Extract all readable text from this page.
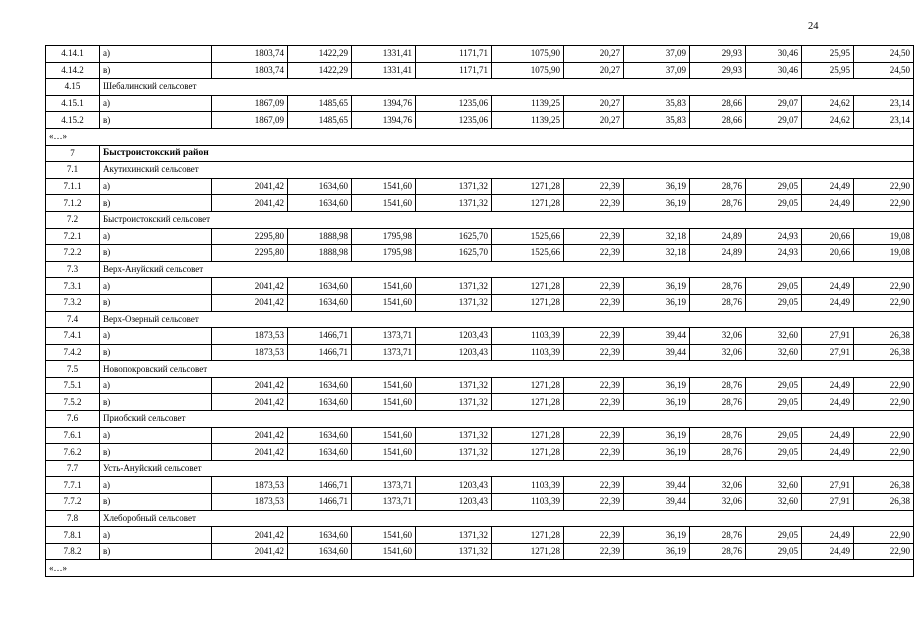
24
4.14.1	а)	1803,74	1422,29	1331,41	1171,71	1075,90	20,27	37,09	29,93	30,46	25,95	24,50
4.14.2	в)	1803,74	1422,29	1331,41	1171,71	1075,90	20,27	37,09	29,93	30,46	25,95	24,50
4.15	Шебалинский сельсовет											
4.15.1	а)	1867,09	1485,65	1394,76	1235,06	1139,25	20,27	35,83	28,66	29,07	24,62	23,14
4.15.2	в)	1867,09	1485,65	1394,76	1235,06	1139,25	20,27	35,83	28,66	29,07	24,62	23,14
«…»												
7	Быстроистокский район											
7.1	Акутихинский сельсовет											
7.1.1	а)	2041,42	1634,60	1541,60	1371,32	1271,28	22,39	36,19	28,76	29,05	24,49	22,90
7.1.2	в)	2041,42	1634,60	1541,60	1371,32	1271,28	22,39	36,19	28,76	29,05	24,49	22,90
7.2	Быстроистокский сельсовет											
7.2.1	а)	2295,80	1888,98	1795,98	1625,70	1525,66	22,39	32,18	24,89	24,93	20,66	19,08
7.2.2	в)	2295,80	1888,98	1795,98	1625,70	1525,66	22,39	32,18	24,89	24,93	20,66	19,08
7.3	Верх-Ануйский сельсовет											
7.3.1	а)	2041,42	1634,60	1541,60	1371,32	1271,28	22,39	36,19	28,76	29,05	24,49	22,90
7.3.2	в)	2041,42	1634,60	1541,60	1371,32	1271,28	22,39	36,19	28,76	29,05	24,49	22,90
7.4	Верх-Озерный сельсовет											
7.4.1	а)	1873,53	1466,71	1373,71	1203,43	1103,39	22,39	39,44	32,06	32,60	27,91	26,38
7.4.2	в)	1873,53	1466,71	1373,71	1203,43	1103,39	22,39	39,44	32,06	32,60	27,91	26,38
7.5	Новопокровский сельсовет											
7.5.1	а)	2041,42	1634,60	1541,60	1371,32	1271,28	22,39	36,19	28,76	29,05	24,49	22,90
7.5.2	в)	2041,42	1634,60	1541,60	1371,32	1271,28	22,39	36,19	28,76	29,05	24,49	22,90
7.6	Приобский сельсовет											
7.6.1	а)	2041,42	1634,60	1541,60	1371,32	1271,28	22,39	36,19	28,76	29,05	24,49	22,90
7.6.2	в)	2041,42	1634,60	1541,60	1371,32	1271,28	22,39	36,19	28,76	29,05	24,49	22,90
7.7	Усть-Ануйский сельсовет											
7.7.1	а)	1873,53	1466,71	1373,71	1203,43	1103,39	22,39	39,44	32,06	32,60	27,91	26,38
7.7.2	в)	1873,53	1466,71	1373,71	1203,43	1103,39	22,39	39,44	32,06	32,60	27,91	26,38
7.8	Хлеборобный сельсовет											
7.8.1	а)	2041,42	1634,60	1541,60	1371,32	1271,28	22,39	36,19	28,76	29,05	24,49	22,90
7.8.2	в)	2041,42	1634,60	1541,60	1371,32	1271,28	22,39	36,19	28,76	29,05	24,49	22,90
«…»												
